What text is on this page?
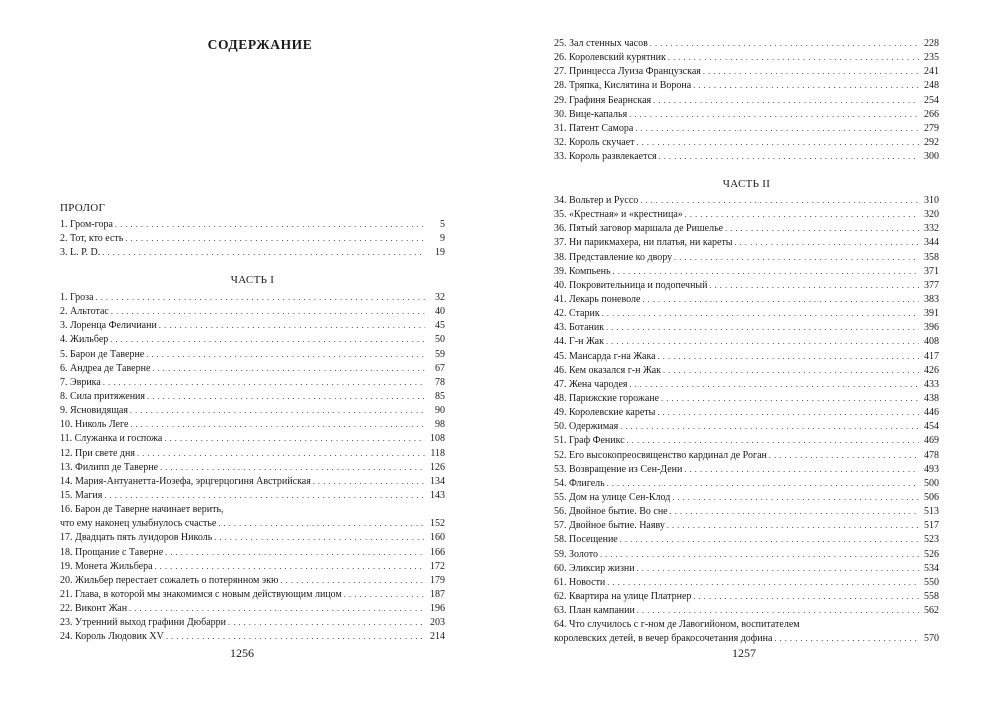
СОДЕРЖАНИЕ
ПРОЛОГ
1. Гром-гора . . .	5
2. Тот, кто есть . . .	9
3. L. P. D. . . .	19
ЧАСТЬ I
1. Гроза . . .	32
2. Альтотас . . .	40
3. Лоренца Феличиани . . .	45
4. Жильбер . . .	50
5. Барон де Таверне . . .	59
6. Андреа де Таверне . . .	67
7. Эврика . . .	78
8. Сила притяжения . . .	85
9. Ясновидящая . . .	90
10. Николь Леге . . .	98
11. Служанка и госпожа . . .	108
12. При свете дня . . .	118
13. Филипп де Таверне . . .	126
14. Мария-Антуанетта-Иозефа, эрцгерцогиня Австрийская . . .	134
15. Магия . . .	143
16. Барон де Таверне начинает верить,
что ему наконец улыбнулось счастье . . .	152
17. Двадцать пять луидоров Николь . . .	160
18. Прощание с Таверне . . .	166
19. Монета Жильбера . . .	172
20. Жильбер перестает сожалеть о потерянном экю . . .	179
21. Глава, в которой мы знакомимся с новым действующим лицом . . .	187
22. Виконт Жан . . .	196
23. Утренний выход графини Дюбарри . . .	203
24. Король Людовик XV . . .	214
1256
25. Зал стенных часов . . .	228
26. Королевский курятник . . .	235
27. Принцесса Луиза Французская . . .	241
28. Тряпка, Кислятина и Ворона . . .	248
29. Графиня Беарнская . . .	254
30. Вице-капалья . . .	266
31. Патент Самора . . .	279
32. Король скучает . . .	292
33. Король развлекается . . .	300
ЧАСТЬ II
34. Вольтер и Руссо . . .	310
35. «Крестная» и «крестница» . . .	320
36. Пятый заговор маршала де Ришелье . . .	332
37. Ни парикмахера, ни платья, ни кареты . . .	344
38. Представление ко двору . . .	358
39. Компьень . . .	371
40. Покровительница и подопечный . . .	377
41. Лекарь поневоле . . .	383
42. Старик . . .	391
43. Ботаник . . .	396
44. Г-н Жак . . .	408
45. Мансарда г-на Жака . . .	417
46. Кем оказался г-н Жак . . .	426
47. Жена чародея . . .	433
48. Парижские горожане . . .	438
49. Королевские кареты . . .	446
50. Одержимая . . .	454
51. Граф Феникс . . .	469
52. Его высокопреосвященство кардинал де Роган . . .	478
53. Возвращение из Сен-Дени . . .	493
54. Флигель . . .	500
55. Дом на улице Сен-Клод . . .	506
56. Двойное бытие. Во сне . . .	513
57. Двойное бытие. Наяву . . .	517
58. Посещение . . .	523
59. Золото . . .	526
60. Эликсир жизни . . .	534
61. Новости . . .	550
62. Квартира на улице Платрнер . . .	558
63. План кампании . . .	562
64. Что случилось с г-ном де Лавогийоном, воспитателем
королевских детей, в вечер бракосочетания дофина . . .	570
1257
